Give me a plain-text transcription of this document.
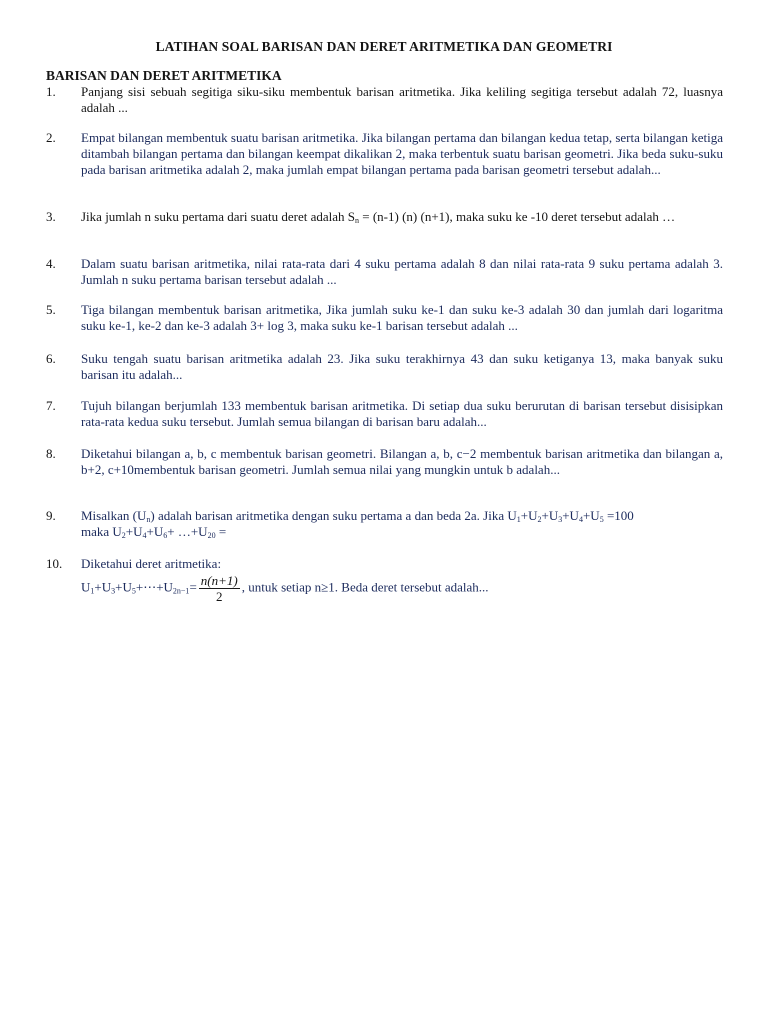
LATIHAN SOAL BARISAN DAN DERET ARITMETIKA DAN GEOMETRI
BARISAN DAN DERET ARITMETIKA
1.	Panjang sisi sebuah segitiga siku-siku membentuk barisan aritmetika. Jika keliling segitiga tersebut adalah 72, luasnya adalah ...
2.	Empat bilangan membentuk suatu barisan aritmetika. Jika bilangan pertama dan bilangan kedua tetap, serta bilangan ketiga ditambah bilangan pertama dan bilangan keempat dikalikan 2, maka terbentuk suatu barisan geometri. Jika beda suku-suku pada barisan aritmetika adalah 2, maka jumlah empat bilangan pertama pada barisan geometri tersebut adalah...
3.	Jika jumlah n suku pertama dari suatu deret adalah $S_n = (n-1)$ (n) (n+1), maka suku ke -10 deret tersebut adalah …
4.	Dalam suatu barisan aritmetika, nilai rata-rata dari 4 suku pertama adalah 8 dan nilai rata-rata 9 suku pertama adalah 3. Jumlah n suku pertama barisan tersebut adalah ...
5.	Tiga bilangan membentuk barisan aritmetika, Jika jumlah suku ke-1 dan suku ke-3 adalah 30 dan jumlah dari logaritma suku ke-1, ke-2 dan ke-3 adalah 3+ log 3, maka suku ke-1 barisan tersebut adalah ...
6.	Suku tengah suatu barisan aritmetika adalah 23. Jika suku terakhirnya 43 dan suku ketiganya 13, maka banyak suku barisan itu adalah...
7.	Tujuh bilangan berjumlah 133 membentuk barisan aritmetika. Di setiap dua suku berurutan di barisan tersebut disisipkan rata-rata kedua suku tersebut. Jumlah semua bilangan di barisan baru adalah...
8.	Diketahui bilangan a, b, c membentuk barisan geometri. Bilangan a, b, c−2 membentuk barisan aritmetika dan bilangan a, b+2, c+10membentuk barisan geometri. Jumlah semua nilai yang mungkin untuk b adalah...
9.	Misalkan $(U_n)$ adalah barisan aritmetika dengan suku pertama a dan beda 2a. Jika $U_1+U_2+U_3+U_4+U_5 =100$
maka $U_2+U_4+U_6+$ $\dots+U_{20}$ =
10.	Diketahui deret aritmetika:
$U_1+U_3+U_5+\cdots+U_{2n-1}= \frac{n(n+1)}{2}$ , untuk setiap n≥1. Beda deret tersebut adalah...
